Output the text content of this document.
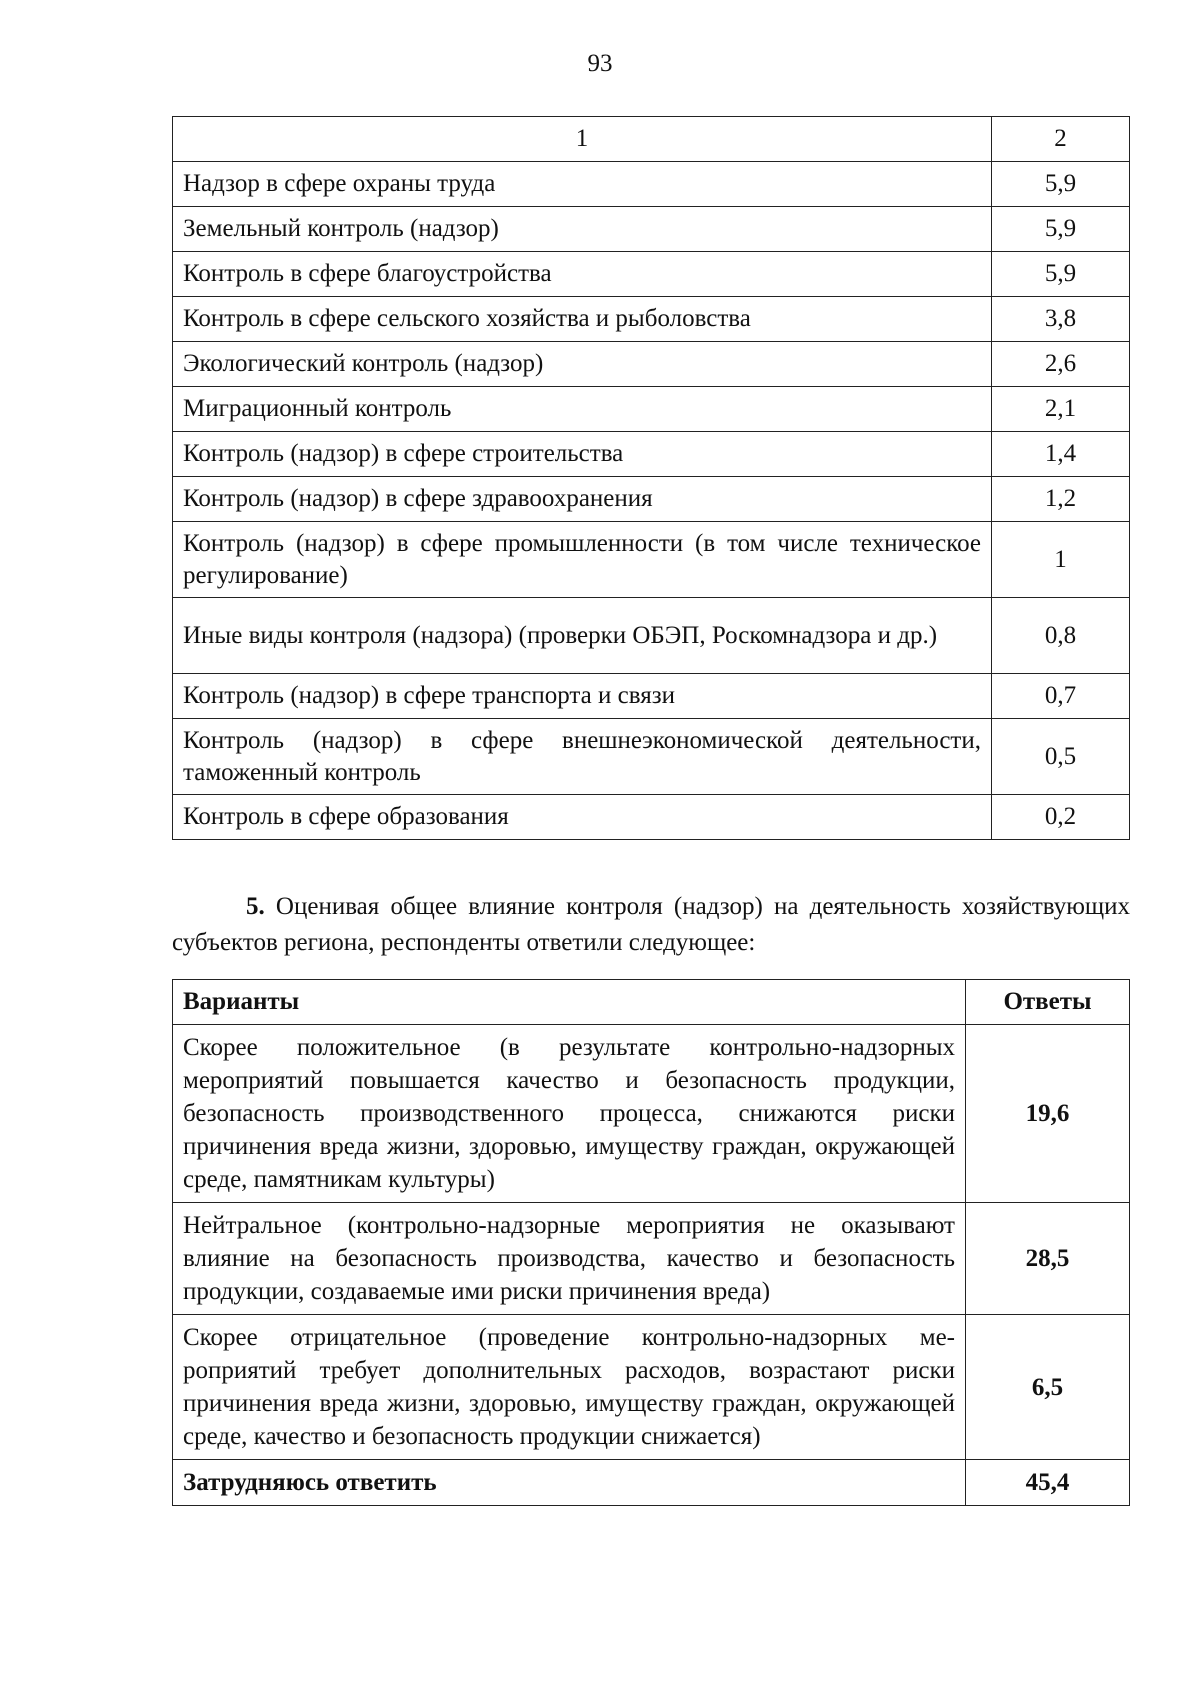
93
1	2
Надзор в сфере охраны труда	5,9
Земельный контроль (надзор)	5,9
Контроль в сфере благоустройства	5,9
Контроль в сфере сельского хозяйства и рыболовства	3,8
Экологический контроль (надзор)	2,6
Миграционный контроль	2,1
Контроль (надзор) в сфере строительства	1,4
Контроль (надзор) в сфере здравоохранения	1,2
Контроль (надзор) в сфере промышленности (в том числе техническое регулирование)	1
Иные виды контроля (надзора) (проверки ОБЭП, Роскомнадзора и др.)	0,8
Контроль (надзор) в сфере транспорта и связи	0,7
Контроль (надзор) в сфере внешнеэкономической деятельности, таможенный контроль	0,5
Контроль в сфере образования	0,2
5. Оценивая общее влияние контроля (надзор) на деятельность хозяйствующих субъектов региона, респонденты ответили следующее:
Варианты	Ответы
Скорее положительное (в результате контрольно-надзорных мероприятий повышается качество и безопасность продукции, безопасность производственного процесса, снижаются риски причинения вреда жизни, здоровью, имуществу граждан, окружающей среде, памятникам культуры)	19,6
Нейтральное (контрольно-надзорные мероприятия не оказывают влияние на безопасность производства, качество и безопасность продукции, создаваемые ими риски причинения вреда)	28,5
Скорее отрицательное (проведение контрольно-надзорных мероприятий требует дополнительных расходов, возрастают риски причинения вреда жизни, здоровью, имуществу граждан, окружающей среде, качество и безопасность продукции снижается)	6,5
Затрудняюсь ответить	45,4
